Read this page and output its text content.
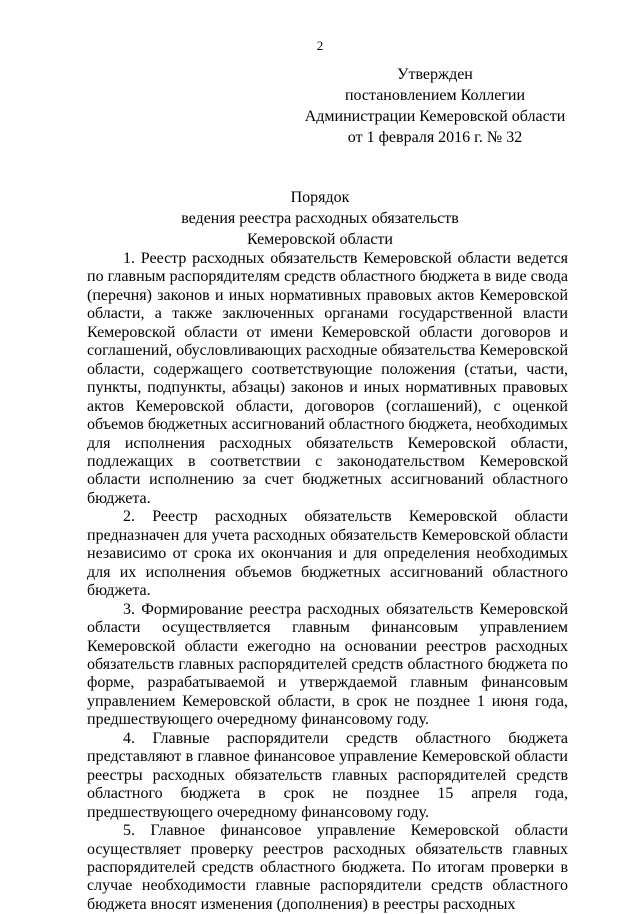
2
Утвержден
постановлением Коллегии
Администрации Кемеровской области
от 1 февраля 2016 г. № 32
Порядок
ведения реестра расходных обязательств
Кемеровской области

1. Реестр расходных обязательств Кемеровской области ведется по главным распорядителям средств областного бюджета в виде свода (перечня) законов и иных нормативных правовых актов Кемеровской области, а также заключенных органами государственной власти Кемеровской области от имени Кемеровской области договоров и соглашений, обусловливающих расходные обязательства Кемеровской области, содержащего соответствующие положения (статьи, части, пункты, подпункты, абзацы) законов и иных нормативных правовых актов Кемеровской области, договоров (соглашений), с оценкой объемов бюджетных ассигнований областного бюджета, необходимых для исполнения расходных обязательств Кемеровской области, подлежащих в соответствии с законодательством Кемеровской области исполнению за счет бюджетных ассигнований областного бюджета.

2. Реестр расходных обязательств Кемеровской области предназначен для учета расходных обязательств Кемеровской области независимо от срока их окончания и для определения необходимых для их исполнения объемов бюджетных ассигнований областного бюджета.

3. Формирование реестра расходных обязательств Кемеровской области осуществляется главным финансовым управлением Кемеровской области ежегодно на основании реестров расходных обязательств главных распорядителей средств областного бюджета по форме, разрабатываемой и утверждаемой главным финансовым управлением Кемеровской области, в срок не позднее 1 июня года, предшествующего очередному финансовому году.

4. Главные распорядители средств областного бюджета представляют в главное финансовое управление Кемеровской области реестры расходных обязательств главных распорядителей средств областного бюджета в срок не позднее 15 апреля года, предшествующего очередному финансовому году.

5. Главное финансовое управление Кемеровской области осуществляет проверку реестров расходных обязательств главных распорядителей средств областного бюджета. По итогам проверки в случае необходимости главные распорядители средств областного бюджета вносят изменения (дополнения) в реестры расходных
